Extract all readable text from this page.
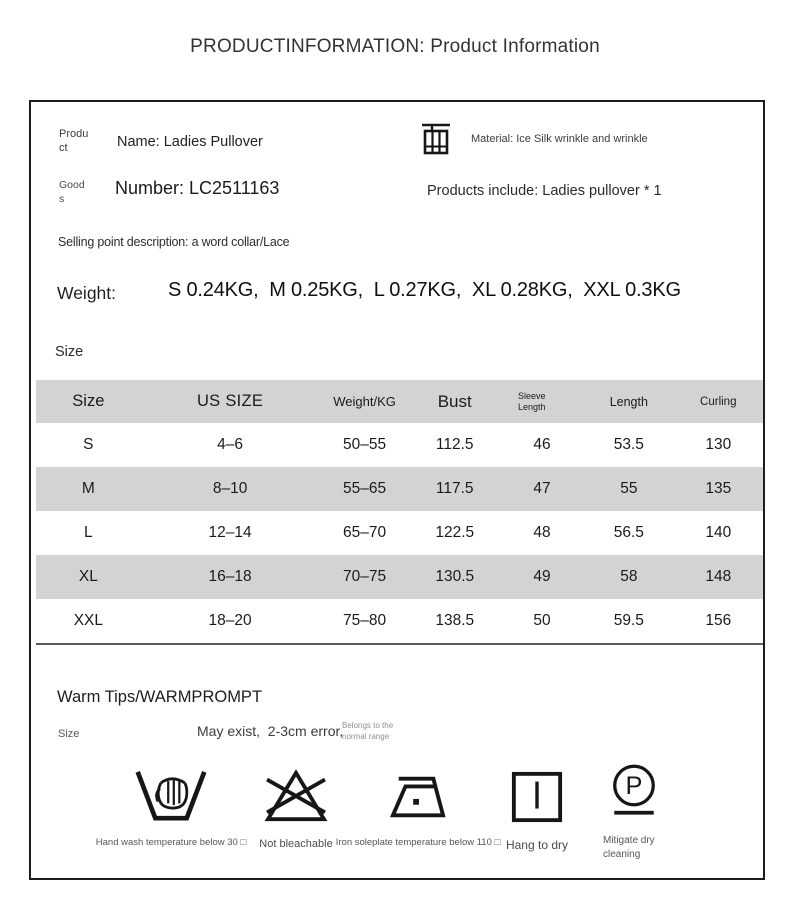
PRODUCTINFORMATION: Product Information
Product	Name: Ladies Pullover	Material: Ice Silk wrinkle and wrinkle
Goods
Number: LC2511163	Products include: Ladies pullover * 1
Selling point description: a word collar/Lace
Weight:	S 0.24KG,  M 0.25KG,  L 0.27KG,  XL 0.28KG,  XXL 0.3KG
Size
Size	US SIZE	Weight/KG	Bust	Sleeve Length	Length	Curling
S	4–6	50–55	112.5	46	53.5	130
M	8–10	55–65	117.5	47	55	135
L	12–14	65–70	122.5	48	56.5	140
XL	16–18	70–75	130.5	49	58	148
XXL	18–20	75–80	138.5	50	59.5	156
Warm Tips/WARMPROMPT
Size	May exist,  2-3cm error,
Belongs to the normal range
Hand wash temperature below 30 □ Not bleachable Iron soleplate temperature below 110 □ Hang to dry
P
Mitigate dry cleaning
